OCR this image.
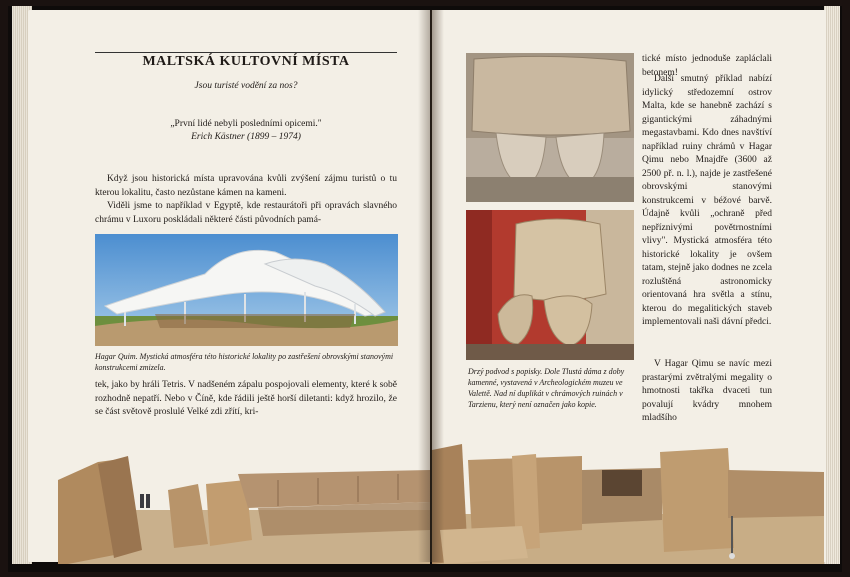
MALTSKÁ KULTOVNÍ MÍSTA
Jsou turisté vodění za nos?
„První lidé nebyli posledními opicemi."
Erich Kästner (1899 – 1974)
Když jsou historická místa upravována kvůli zvýšení zájmu turistů o tu kterou lokalitu, často nezůstane kámen na kameni.
Viděli jsme to například v Egyptě, kde restaurátoři při opravách slavného chrámu v Luxoru poskládali některé části původních pamá-
Hagar Quim. Mystická atmosféra této historické lokality po zastřešení obrovskými stanovými konstrukcemi zmizela.
tek, jako by hráli Tetris. V nadšeném zápalu pospojovali elementy, které k sobě rozhodně nepatří. Nebo v Číně, kde řádili ještě horší diletanti: když hrozilo, že se část světově proslulé Velké zdi zřítí, kri-
Drzý podvod s popisky. Dole Tlustá dáma z doby kamenné, vystavená v Archeologickém muzeu ve Valettě. Nad ní duplikát v chrámových ruinách v Tarzienu, který není označen jako kopie.
tické místo jednoduše zapláclali betonem!
Další smutný příklad nabízí idylický středozemní ostrov Malta, kde se hanebně zachází s gigantickými záhadnými megastavbami. Kdo dnes navštíví například ruiny chrámů v Hagar Qimu nebo Mnajdře (3600 až 2500 př. n. l.), najde je zastřešené obrovskými stanovými konstrukcemi v béžové barvě. Údajně kvůli „ochraně před nepříznivými povětrnostními vlivy". Mystická atmosféra této historické lokality je ovšem tatam, stejně jako dodnes ne zcela rozluštěná astronomicky orientovaná hra světla a stínu, kterou do megalitických staveb implementovali naši dávní předci.
V Hagar Qimu se navíc mezi prastarými zvětralými megality o hmotnosti takřka dvaceti tun povalují kvádry mnohem mladšího
